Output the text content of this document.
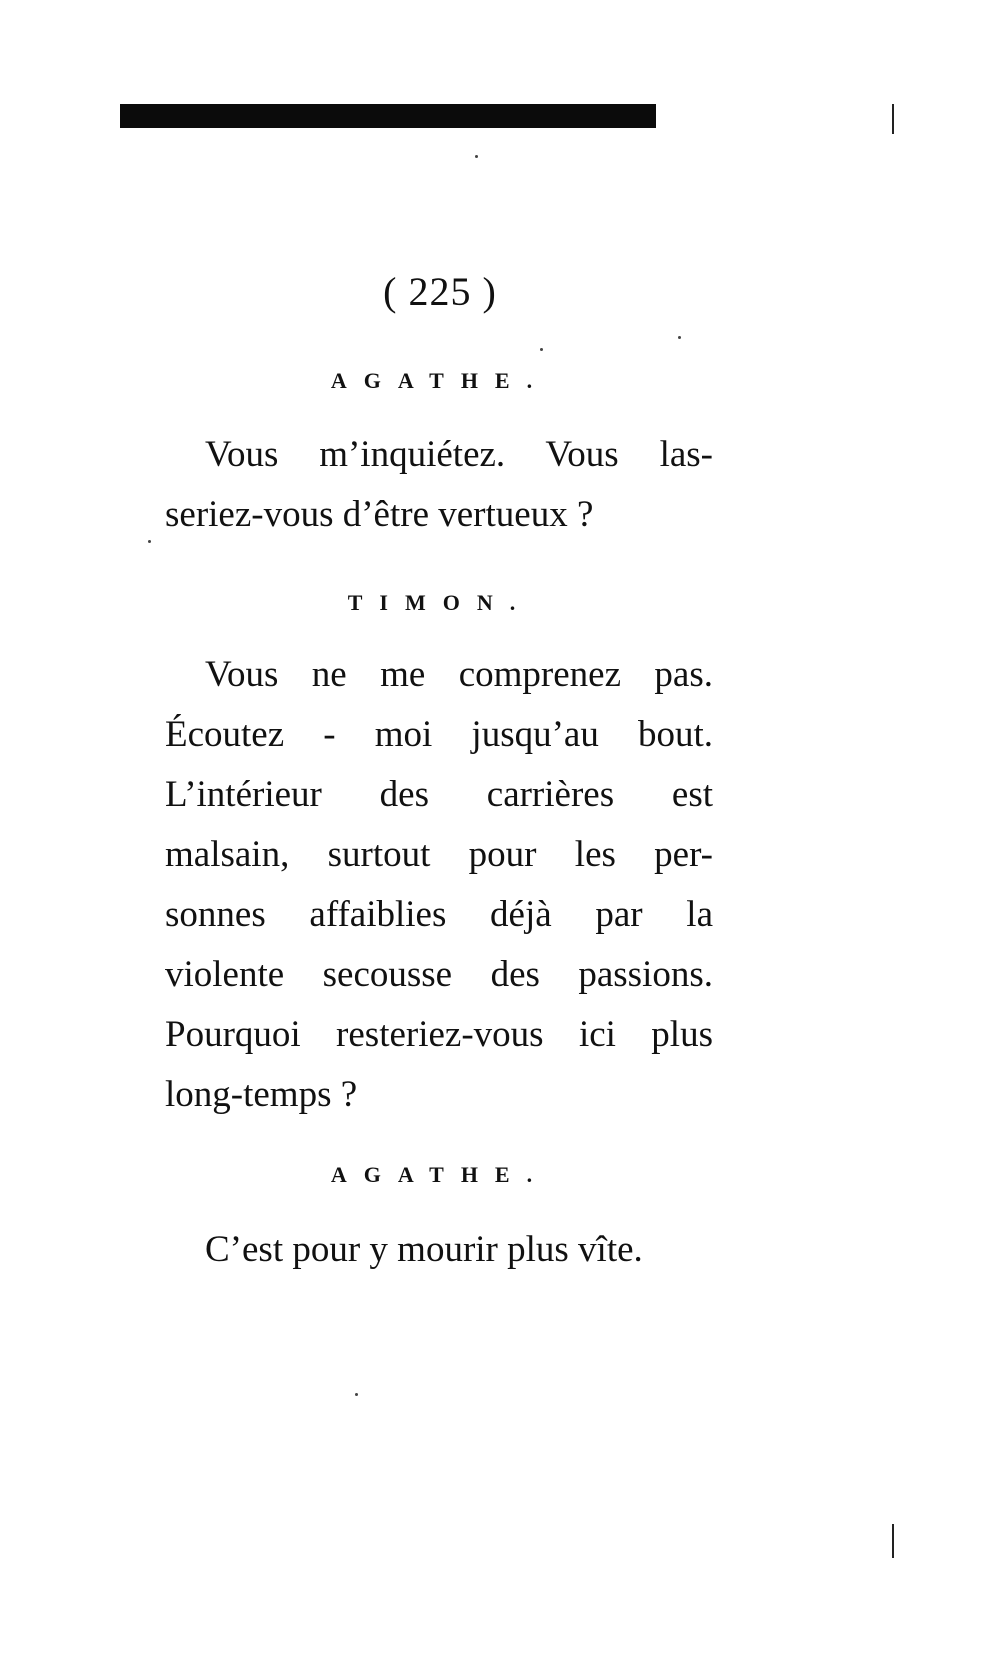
( 225 )
AGATHE.
Vous m’inquiétez. Vous las-
seriez-vous d’être vertueux ?
TIMON.
Vous ne me comprenez pas.
Écoutez - moi jusqu’au bout.
L’intérieur des carrières est
malsain, surtout pour les per-
sonnes affaiblies déjà par la
violente secousse des passions.
Pourquoi resteriez-vous ici plus
long-temps ?
AGATHE.
C’est pour y mourir plus vîte.
